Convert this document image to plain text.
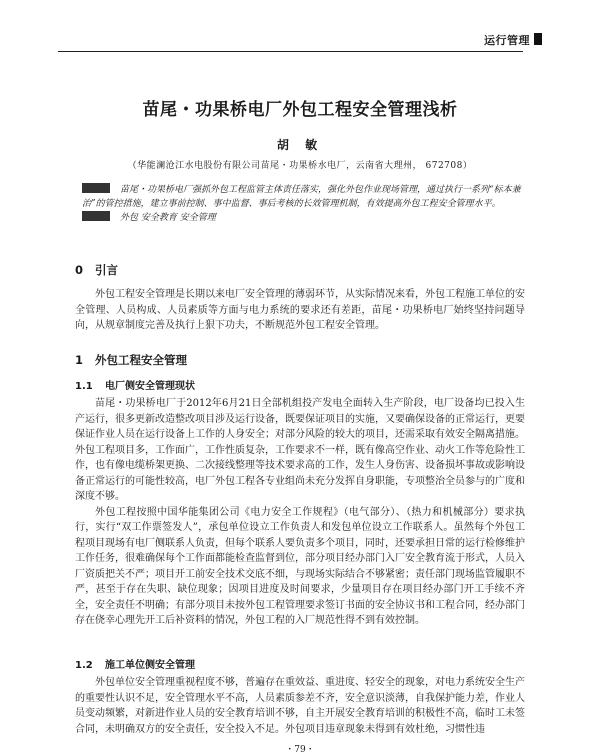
运行管理
苗尾・功果桥电厂外包工程安全管理浅析
胡 敏
（华能澜沧江水电股份有限公司苗尾・功果桥水电厂，云南省大理州， 672708）
苗尾・功果桥电厂强抓外包工程监管主体责任落实，强化外包作业现场管理，通过执行一系列“标本兼治”的管控措施，建立事前控制、事中监督、事后考核的长效管理机制，有效提高外包工程安全管理水平。
外包 安全教育 安全管理
0 引言

外包工程安全管理是长期以来电厂安全管理的薄弱环节，从实际情况来看，外包工程施工单位的安全管理、人员构成、人员素质等方面与电力系统的要求还有差距，苗尾・功果桥电厂始终坚持问题导向，从规章制度完善及执行上狠下功夫，不断规范外包工程安全管理。

1 外包工程安全管理
1.1 电厂侧安全管理现状

苗尾・功果桥电厂于2012年6月21日全部机组投产发电全面转入生产阶段，电厂设备均已投入生产运行，很多更新改造整改项目涉及运行设备，既要保证项目的实施，又要确保设备的正常运行，更要保证作业人员在运行设备上工作的人身安全；对部分风险的较大的项目，还需采取有效安全隔离措施。外包工程项目多，工作面广，工作性质复杂，工作要求不一样，既有像高空作业、动火工作等危险性工作，也有像电缆桥架更换、二次接线整理等技术要求高的工作，发生人身伤害、设备损坏事故或影响设备正常运行的可能性较高，电厂外包工程各专业组尚未充分发挥自身职能，专项整治全员参与的广度和深度不够。

外包工程按照中国华能集团公司《电力安全工作规程》（电气部分）、（热力和机械部分）要求执行，实行“双工作票签发人”，承包单位设立工作负责人和发包单位设立工作联系人。虽然每个外包工程项目现场有电厂侧联系人负责，但每个联系人要负责多个项目，同时，还要承担日常的运行检修维护工作任务，很难确保每个工作面都能检查监督到位，部分项目经办部门入厂安全教育流于形式，人员入厂资质把关不严；项目开工前安全技术交底不细，与现场实际结合不够紧密；责任部门现场监管履职不严，甚至于存在失职、缺位现象；因项目进度及时间要求，少量项目存在项目经办部门开工手续不齐全，安全责任不明确；有部分项目未按外包工程管理要求签订书面的安全协议书和工程合同，经办部门存在侥幸心理先开工后补资料的情况，外包工程的入厂规范性得不到有效控制。

1.2 施工单位侧安全管理

外包单位安全管理重视程度不够，普遍存在重效益、重进度、轻安全的现象，对电力系统安全生产的重要性认识不足，安全管理水平不高，人员素质参差不齐，安全意识淡薄，自我保护能力差，作业人员变动频繁，对新进作业人员的安全教育培训不够，自主开展安全教育培训的积极性不高，临时工未签合同，未明确双方的安全责任，安全投入不足。外包项目违章现象未得到有效杜绝，习惯性违

・79・
